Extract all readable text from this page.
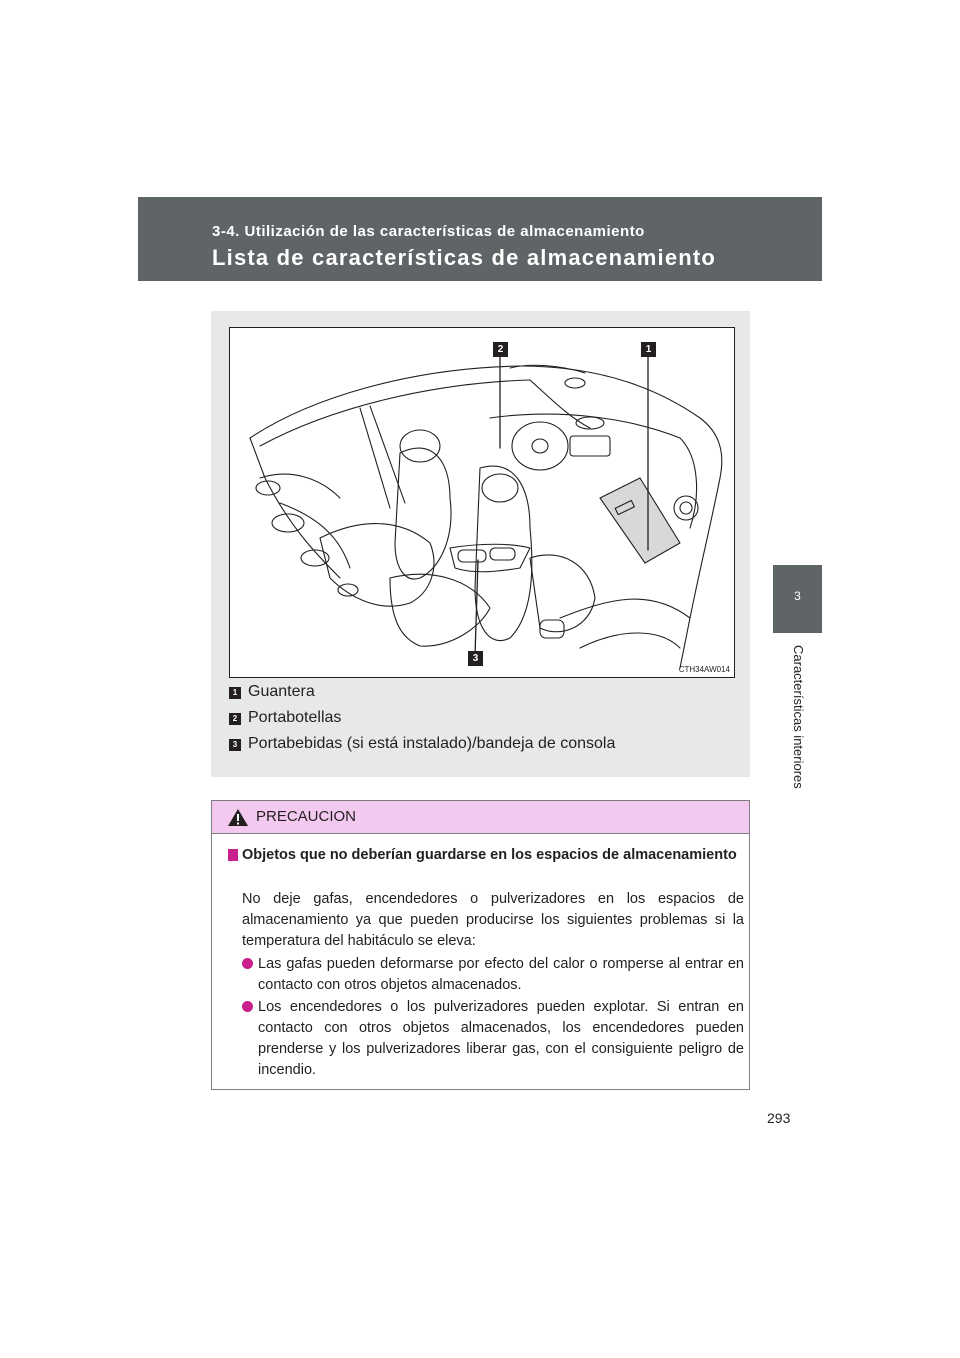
3-4. Utilización de las características de almacenamiento
Lista de características de almacenamiento
3
Características interiores
1
2
3
CTH34AW014
1 Guantera
2 Portabotellas
3 Portabebidas (si está instalado)/bandeja de consola
PRECAUCION
Objetos que no deberían guardarse en los espacios de almacenamiento
No deje gafas, encendedores o pulverizadores en los espacios de almacenamiento ya que pueden producirse los siguientes problemas si la temperatura del habitáculo se eleva:
Las gafas pueden deformarse por efecto del calor o romperse al entrar en contacto con otros objetos almacenados.
Los encendedores o los pulverizadores pueden explotar. Si entran en contacto con otros objetos almacenados, los encendedores pueden prenderse y los pulverizadores liberar gas, con el consiguiente peligro de incendio.
293
